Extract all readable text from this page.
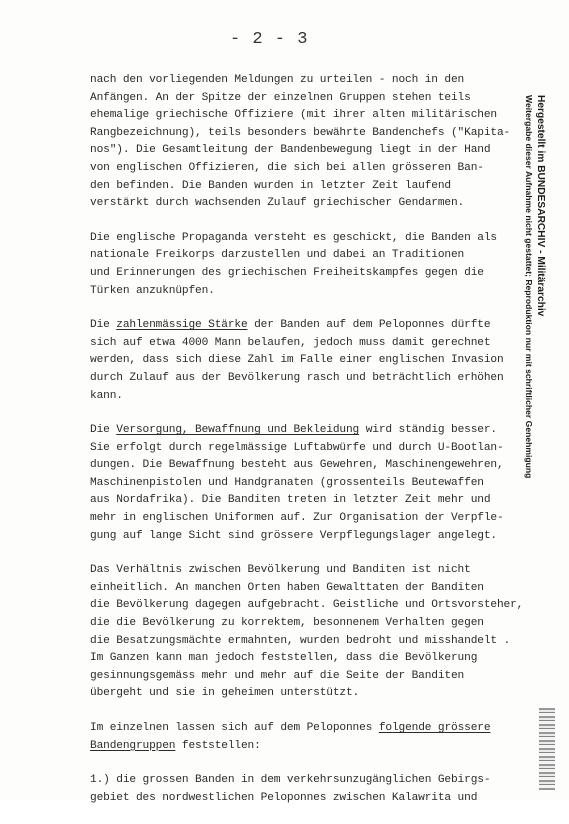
- 2 - 3
nach den vorliegenden Meldungen zu urteilen - noch in den
Anfängen. An der Spitze der einzelnen Gruppen stehen teils
ehemalige griechische Offiziere (mit ihrer alten militärischen
Rangbezeichnung), teils besonders bewährte Bandenchefs ("Kapita-
nos"). Die Gesamtleitung der Bandenbewegung liegt in der Hand
von englischen Offizieren, die sich bei allen grösseren Ban-
den befinden. Die Banden wurden in letzter Zeit laufend
verstärkt durch wachsenden Zulauf griechischer Gendarmen.
Die englische Propaganda versteht es geschickt, die Banden als
nationale Freikorps darzustellen und dabei an Traditionen
und Erinnerungen des griechischen Freiheitskampfes gegen die
Türken anzuknüpfen.
Die zahlenmässige Stärke der Banden auf dem Peloponnes dürfte
sich auf etwa 4000 Mann belaufen, jedoch muss damit gerechnet
werden, dass sich diese Zahl im Falle einer englischen Invasion
durch Zulauf aus der Bevölkerung rasch und beträchtlich erhöhen
kann.
Die Versorgung, Bewaffnung und Bekleidung wird ständig besser.
Sie erfolgt durch regelmässige Luftabwürfe und durch U-Bootlan-
dungen. Die Bewaffnung besteht aus Gewehren, Maschinengewehren,
Maschinenpistolen und Handgranaten (grossenteils Beutewaffen
aus Nordafrika). Die Banditen treten in letzter Zeit mehr und
mehr in englischen Uniformen auf. Zur Organisation der Verpfle-
gung auf lange Sicht sind grössere Verpflegungslager angelegt.
Das Verhältnis zwischen Bevölkerung und Banditen ist nicht
einheitlich. An manchen Orten haben Gewalttaten der Banditen
die Bevölkerung dagegen aufgebracht. Geistliche und Ortsvorsteher,
die die Bevölkerung zu korrektem, besonnenem Verhalten gegen
die Besatzungsmächte ermahnten, wurden bedroht und misshandelt .
Im Ganzen kann man jedoch feststellen, dass die Bevölkerung
gesinnungsgemäss mehr und mehr auf die Seite der Banditen
übergeht und sie in geheimen unterstützt.
Im einzelnen lassen sich auf dem Peloponnes folgende grössere
Bandengruppen feststellen:
1.) die grossen Banden in dem verkehrsunzugänglichen Gebirgs-
gebiet des nordwestlichen Peloponnes zwischen Kalawrita und
Hergestellt im BUNDESARCHIV - Militärarchiv
Weitergabe dieser Aufnahme nicht gestattet; Reproduktion nur mit schriftlicher Genehmigung
